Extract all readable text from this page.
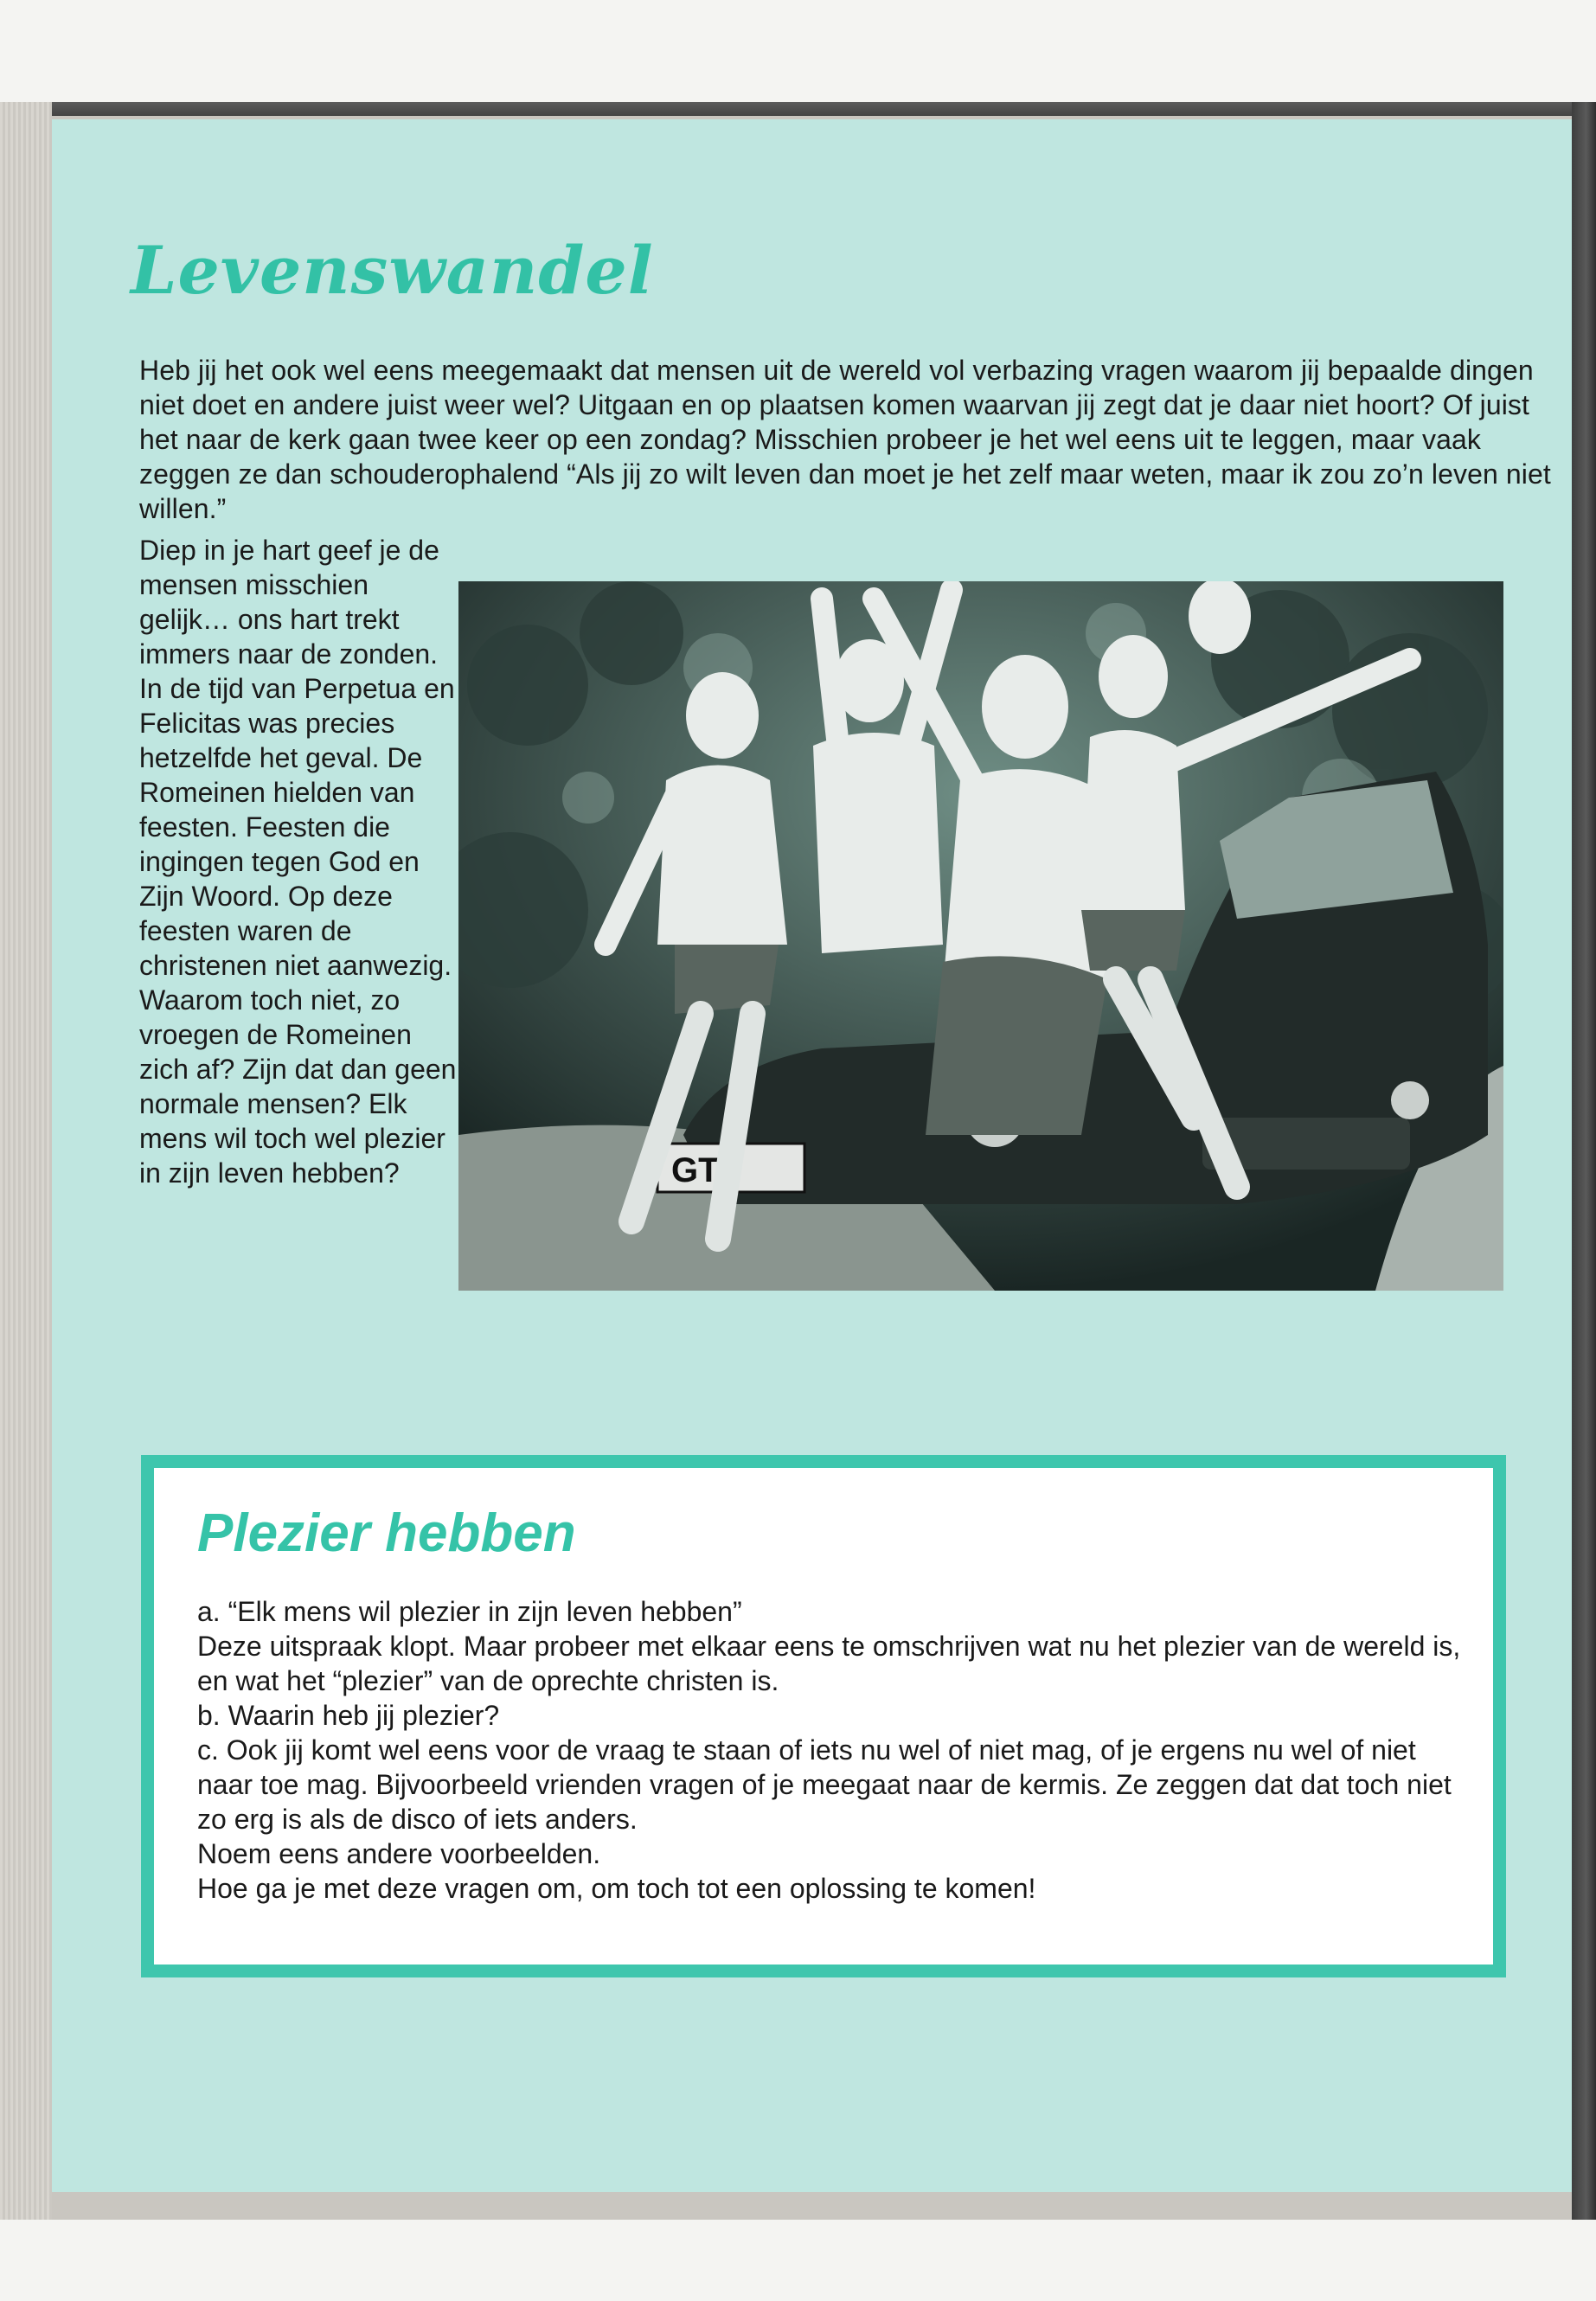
Levenswandel

Heb jij het ook wel eens meegemaakt dat mensen uit de wereld vol verbazing vragen waarom jij bepaalde dingen niet doet en andere juist weer wel? Uitgaan en op plaatsen komen waarvan jij zegt dat je daar niet hoort? Of juist het naar de kerk gaan twee keer op een zondag? Misschien probeer je het wel eens uit te leggen, maar vaak zeggen ze dan schouderophalend “Als jij zo wilt leven dan moet je het zelf maar weten, maar ik zou zo’n leven niet willen.”

Diep in je hart geef je de mensen misschien gelijk… ons hart trekt immers naar de zonden. In de tijd van Perpetua en Felicitas was precies hetzelfde het geval. De Romeinen hielden van feesten. Feesten die ingingen tegen God en Zijn Woord. Op deze feesten waren de christenen niet aanwezig. Waarom toch niet, zo vroegen de Romeinen zich af? Zijn dat dan geen normale mensen? Elk mens wil toch wel plezier in zijn leven hebben?	GT-
Plezier hebben
a. “Elk mens wil plezier in zijn leven hebben”
Deze uitspraak klopt. Maar probeer met elkaar eens te omschrijven wat nu het plezier van de wereld is, en wat het “plezier” van de oprechte christen is.
b. Waarin heb jij plezier?
c. Ook jij komt wel eens voor de vraag te staan of iets nu wel of niet mag, of je ergens nu wel of niet naar toe mag. Bijvoorbeeld vrienden vragen of je meegaat naar de kermis. Ze zeggen dat dat toch niet zo erg is als de disco of iets anders.
Noem eens andere voorbeelden.
Hoe ga je met deze vragen om, om toch tot een oplossing te komen!
